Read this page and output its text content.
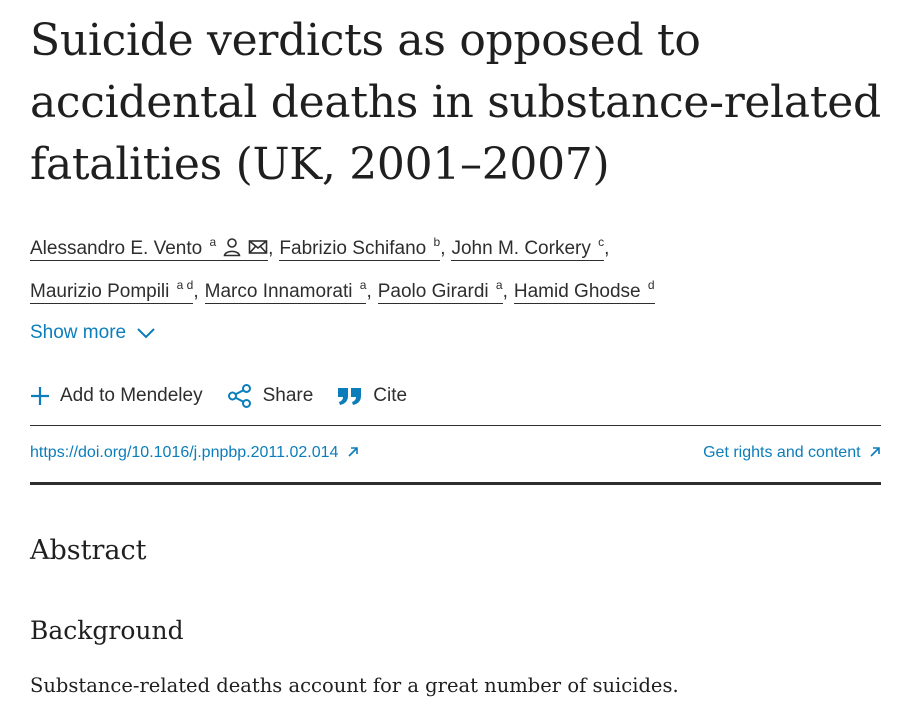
Suicide verdicts as opposed to accidental deaths in substance-related fatalities (UK, 2001–2007)
Alessandro E. Vento $^a$	, Fabrizio Schifano $^b$, John M. Corkery $^c$,
Maurizio Pompili $^{a d}$, Marco Innamorati $^a$, Paolo Girardi $^a$, Hamid Ghodse $^d$
Show more
Add to Mendeley	Share	Cite
https://doi.org/10.1016/j.pnpbp.2011.02.014	Get rights and content
Abstract
Background

Substance-related deaths account for a great number of suicides.
